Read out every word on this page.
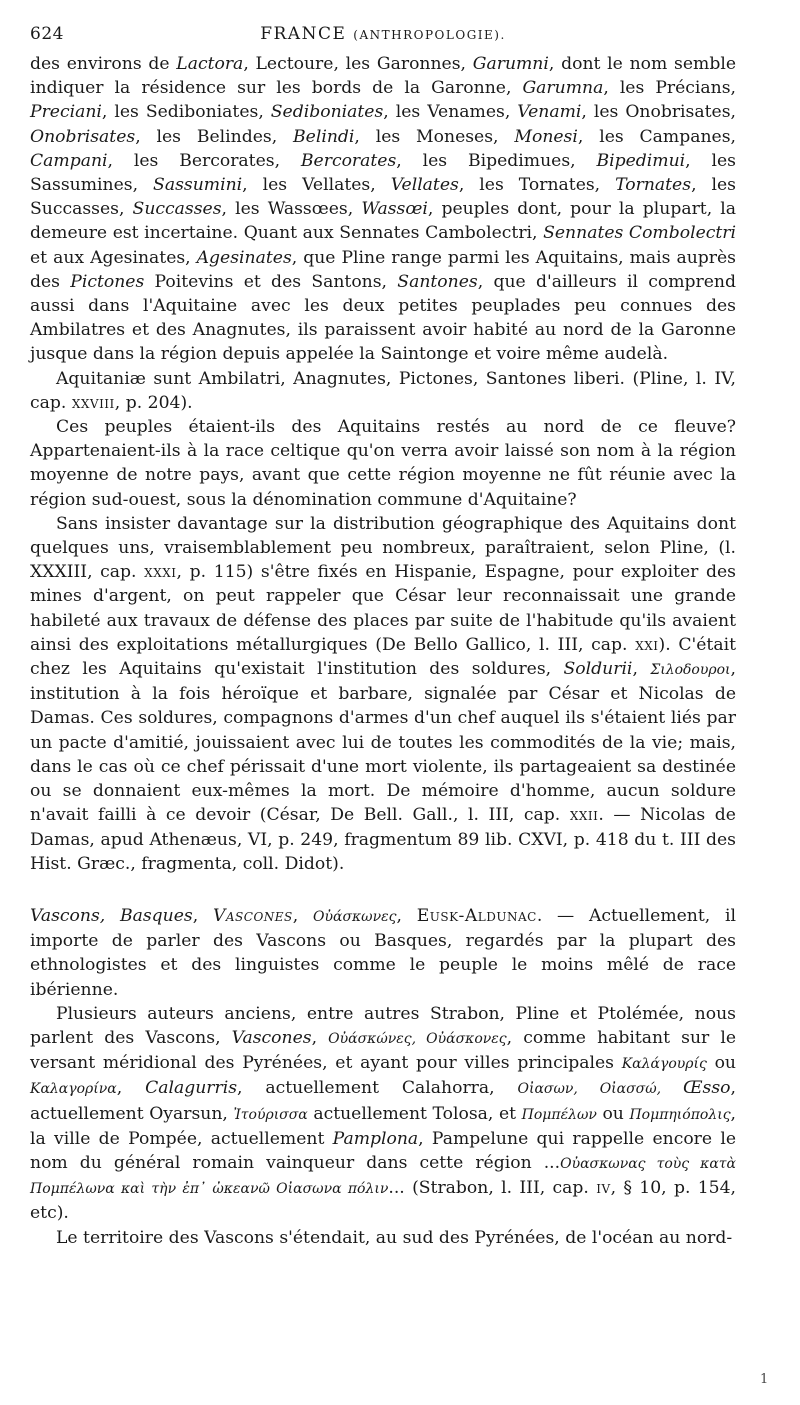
624	FRANCE (ANTHROPOLOGIE).

des environs de Lactora, Lectoure, les Garonnes, Garumni, dont le nom semble indiquer la résidence sur les bords de la Garonne, Garumna, les Précians, Preciani, les Sediboniates, Sediboniates, les Venames, Venami, les Onobrisates, Onobrisates, les Belindes, Belindi, les Moneses, Monesi, les Campanes, Campani, les Bercorates, Bercorates, les Bipedimues, Bipedimui, les Sassumines, Sassumini, les Vellates, Vellates, les Tornates, Tornates, les Succasses, Succasses, les Wassœes, Wassœi, peuples dont, pour la plupart, la demeure est incertaine. Quant aux Sennates Cambolectri, Sennates Combolectri et aux Agesinates, Agesinates, que Pline range parmi les Aquitains, mais auprès des Pictones Poitevins et des Santons, Santones, que d'ailleurs il comprend aussi dans l'Aquitaine avec les deux petites peuplades peu connues des Ambilatres et des Anagnutes, ils paraissent avoir habité au nord de la Garonne jusque dans la région depuis appelée la Saintonge et voire même audelà.

Aquitaniæ sunt Ambilatri, Anagnutes, Pictones, Santones liberi. (Pline, l. IV, cap. xxviii, p. 204).

Ces peuples étaient-ils des Aquitains restés au nord de ce fleuve? Appartenaient-ils à la race celtique qu'on verra avoir laissé son nom à la région moyenne de notre pays, avant que cette région moyenne ne fût réunie avec la région sud-ouest, sous la dénomination commune d'Aquitaine?

Sans insister davantage sur la distribution géographique des Aquitains dont quelques uns, vraisemblablement peu nombreux, paraîtraient, selon Pline, (l. XXXIII, cap. xxxi, p. 115) s'être fixés en Hispanie, Espagne, pour exploiter des mines d'argent, on peut rappeler que César leur reconnaissait une grande habileté aux travaux de défense des places par suite de l'habitude qu'ils avaient ainsi des exploitations métallurgiques (De Bello Gallico, l. III, cap. xxi). C'était chez les Aquitains qu'existait l'institution des soldures, Soldurii, Σιλοδουροι, institution à la fois héroïque et barbare, signalée par César et Nicolas de Damas. Ces soldures, compagnons d'armes d'un chef auquel ils s'étaient liés par un pacte d'amitié, jouissaient avec lui de toutes les commodités de la vie; mais, dans le cas où ce chef périssait d'une mort violente, ils partageaient sa destinée ou se donnaient eux-mêmes la mort. De mémoire d'homme, aucun soldure n'avait failli à ce devoir (César, De Bell. Gall., l. III, cap. xxii. — Nicolas de Damas, apud Athenæus, VI, p. 249, fragmentum 89 lib. CXVI, p. 418 du t. III des Hist. Græc., fragmenta, coll. Didot).

Vascons, Basques, Vascones, Οὐάσκωνες, Eusk-Aldunac. — Actuellement, il importe de parler des Vascons ou Basques, regardés par la plupart des ethnologistes et des linguistes comme le peuple le moins mêlé de race ibérienne.

Plusieurs auteurs anciens, entre autres Strabon, Pline et Ptolémée, nous parlent des Vascons, Vascones, Οὐάσκώνες, Οὐάσκονες, comme habitant sur le versant méridional des Pyrénées, et ayant pour villes principales Καλάγουρίς ou Καλαγορίνα, Calagurris, actuellement Calahorra, Οἰασων, Οἰασσώ, Œsso, actuellement Oyarsun, Ἰτούρισσα actuellement Tolosa, et Πομπέλων ou Πομπηιόπολις, la ville de Pompée, actuellement Pamplona, Pampelune qui rappelle encore le nom du général romain vainqueur dans cette région ...Οὐασκωνας τοὺς κατὰ Πομπέλωνα καὶ τὴν ἐπ᾽ ὠκεανῶ Οἰασωνα πόλιν... (Strabon, l. III, cap. iv, § 10, p. 154, etc).

Le territoire des Vascons s'étendait, au sud des Pyrénées, de l'océan au nord-

1
